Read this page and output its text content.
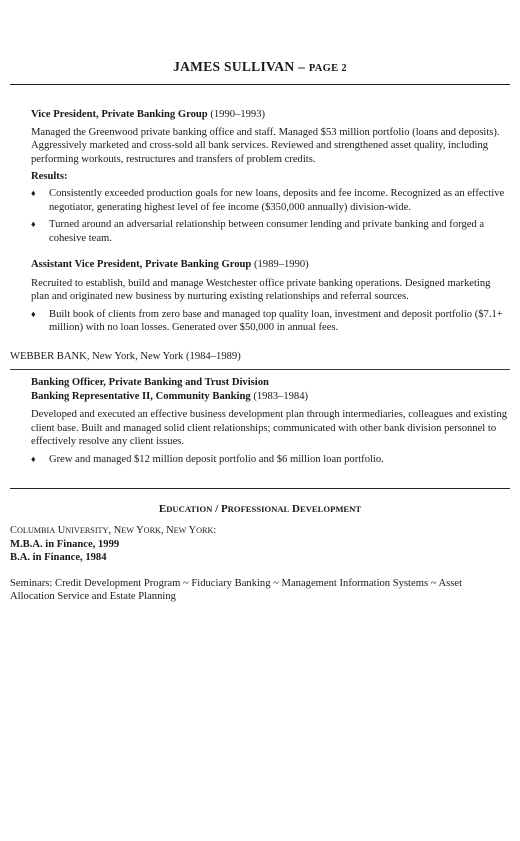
JAMES SULLIVAN – PAGE 2
Vice President, Private Banking Group (1990–1993)

Managed the Greenwood private banking office and staff. Managed $53 million portfolio (loans and deposits). Aggressively marketed and cross-sold all bank services. Reviewed and strengthened asset quality, including performing workouts, restructures and transfers of problem credits.

Results:
♦ Consistently exceeded production goals for new loans, deposits and fee income. Recognized as an effective negotiator, generating highest level of fee income ($350,000 annually) division-wide.
♦ Turned around an adversarial relationship between consumer lending and private banking and forged a cohesive team.
Assistant Vice President, Private Banking Group (1989–1990)

Recruited to establish, build and manage Westchester office private banking operations. Designed marketing plan and originated new business by nurturing existing relationships and referral sources.

♦ Built book of clients from zero base and managed top quality loan, investment and deposit portfolio ($7.1+ million) with no loan losses. Generated over $50,000 in annual fees.
WEBBER BANK, New York, New York (1984–1989)
Banking Officer, Private Banking and Trust Division
Banking Representative II, Community Banking (1983–1984)

Developed and executed an effective business development plan through intermediaries, colleagues and existing client base. Built and managed solid client relationships; communicated with other bank division personnel to effectively resolve any client issues.

♦ Grew and managed $12 million deposit portfolio and $6 million loan portfolio.
EDUCATION / PROFESSIONAL DEVELOPMENT
COLUMBIA UNIVERSITY, NEW YORK, NEW YORK:
M.B.A. in Finance, 1999
B.A. in Finance, 1984

Seminars: Credit Development Program ~ Fiduciary Banking ~ Management Information Systems ~ Asset Allocation Service and Estate Planning
